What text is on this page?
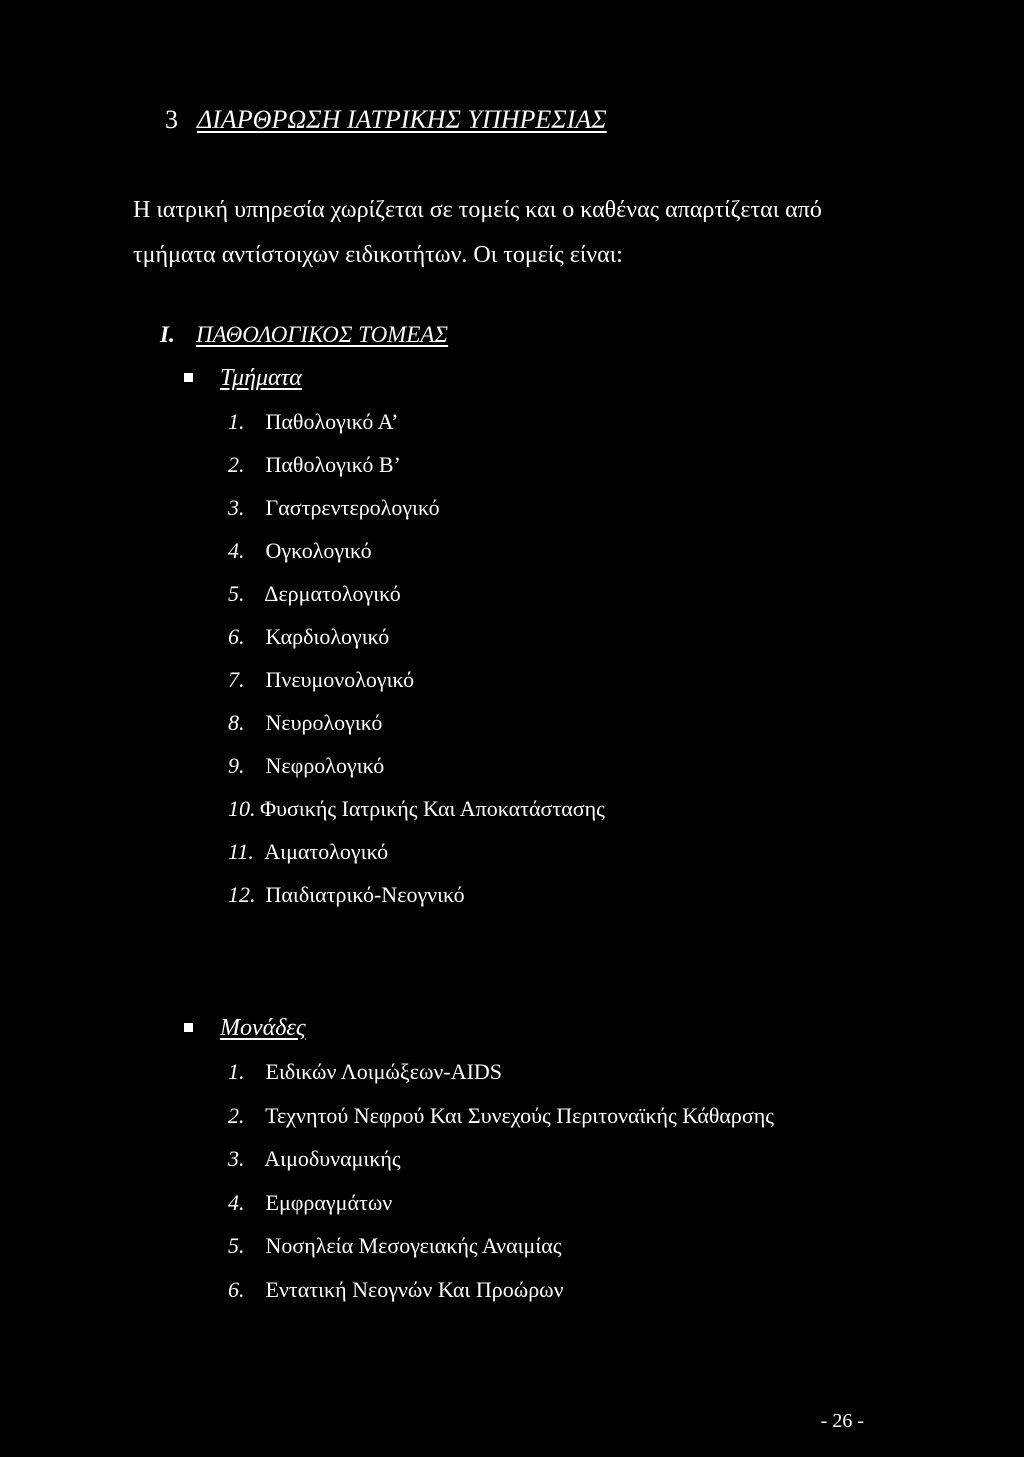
3 ΔΙΑΡΘΡΩΣΗ ΙΑΤΡΙΚΗΣ ΥΠΗΡΕΣΙΑΣ
Η ιατρική υπηρεσία χωρίζεται σε τομείς και ο καθένας απαρτίζεται από
τμήματα αντίστοιχων ειδικοτήτων. Οι τομείς είναι:
I. ΠΑΘΟΛΟΓΙΚΟΣ ΤΟΜΕΑΣ
Τμήματα
1. Παθολογικό Α’
2. Παθολογικό Β’
3. Γαστρεντερολογικό
4. Ογκολογικό
5. Δερματολογικό
6. Καρδιολογικό
7. Πνευμονολογικό
8. Νευρολογικό
9. Νεφρολογικό
10. Φυσικής Ιατρικής Και Αποκατάστασης
11. Αιματολογικό
12. Παιδιατρικό-Νεογνικό
Μονάδες
1. Ειδικών Λοιμώξεων-AIDS
2. Τεχνητού Νεφρού Και Συνεχούς Περιτοναϊκής Κάθαρσης
3. Αιμοδυναμικής
4. Εμφραγμάτων
5. Νοσηλεία Μεσογειακής Αναιμίας
6. Εντατική Νεογνών Και Προώρων
- 26 -
